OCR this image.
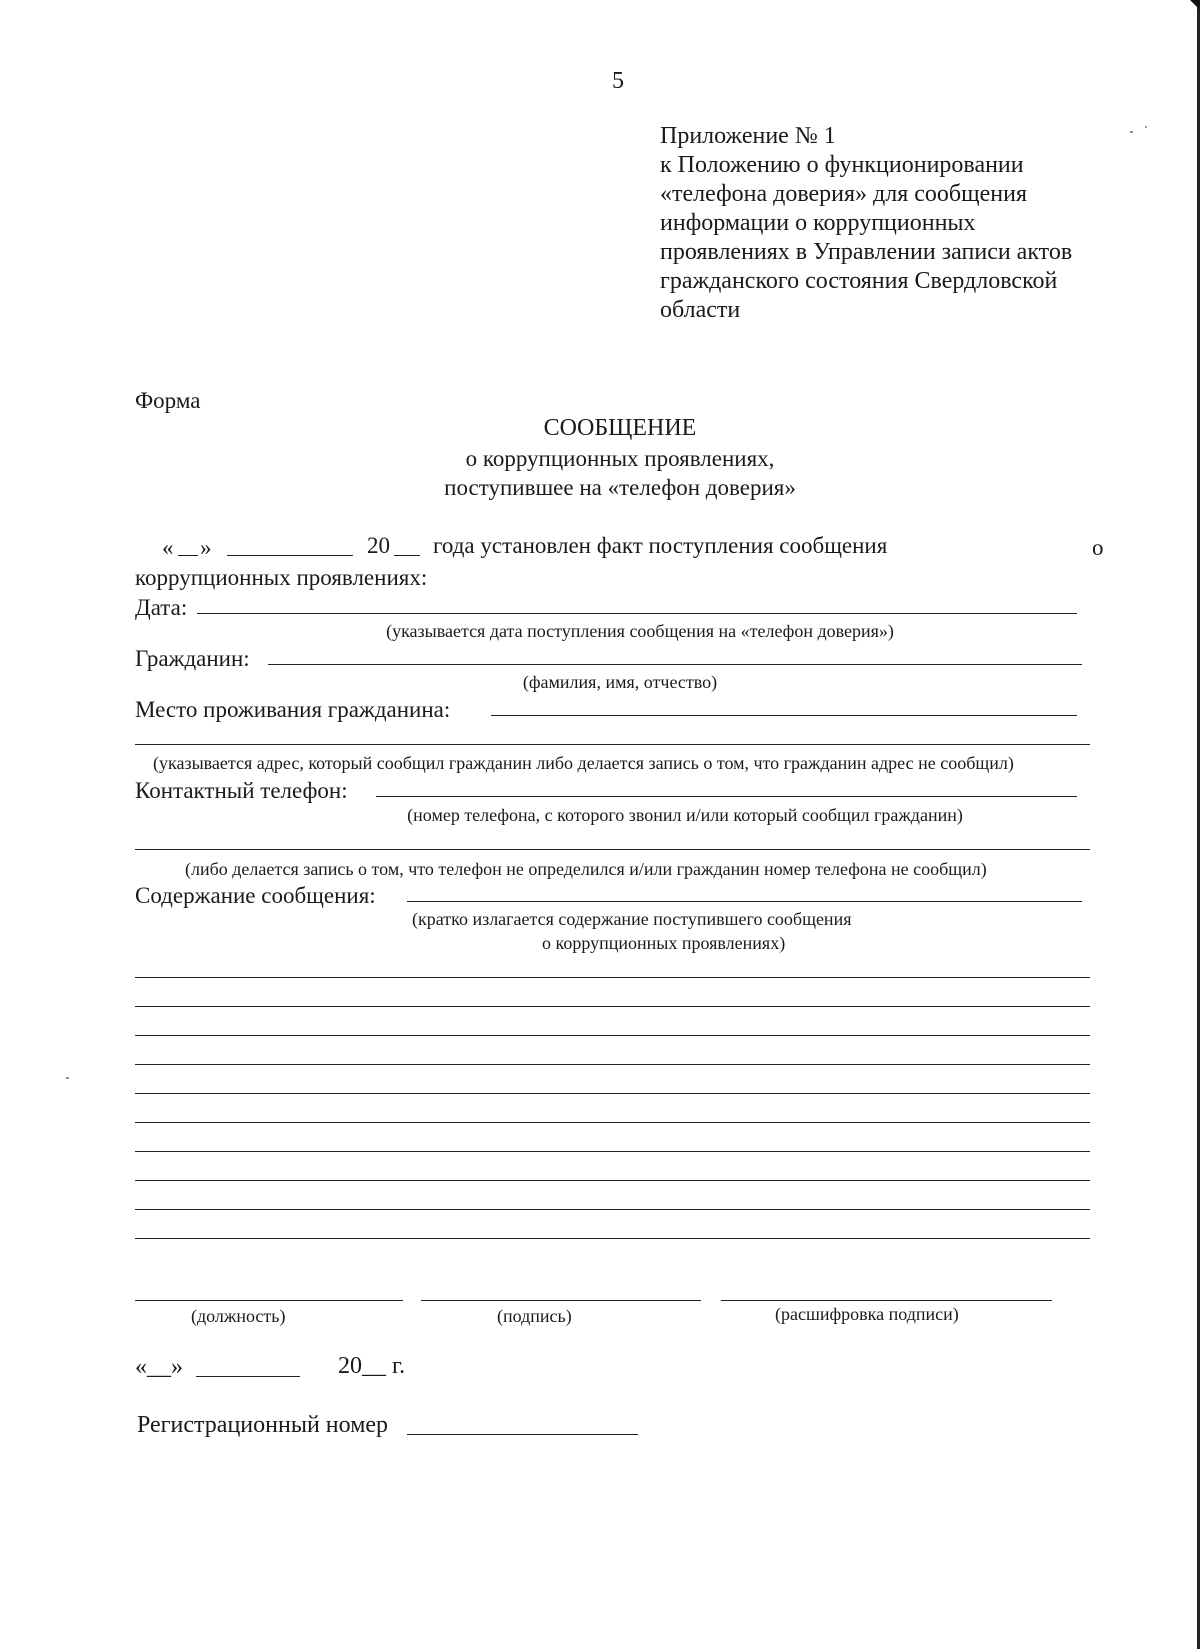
5
Приложение № 1
к Положению о функционировании
«телефона доверия» для сообщения
информации о коррупционных
проявлениях в Управлении записи актов
гражданского состояния Свердловской
области
Форма
СООБЩЕНИЕ
о коррупционных проявлениях,
поступившее на «телефон доверия»
« »	20 года установлен факт поступления сообщения	о
коррупционных проявлениях:
Дата:
(указывается дата поступления сообщения на «телефон доверия»)
Гражданин:
(фамилия, имя, отчество)
Место проживания гражданина:
(указывается адрес, который сообщил гражданин либо делается запись о том, что гражданин адрес не сообщил)
Контактный телефон:
(номер телефона, с которого звонил и/или который сообщил гражданин)
(либо делается запись о том, что телефон не определился и/или гражданин номер телефона не сообщил)
Содержание сообщения:
(кратко излагается содержание поступившего сообщения
о коррупционных проявлениях)
(должность)	(подпись)	(расшифровка подписи)
«__»	20__ г.
Регистрационный номер
